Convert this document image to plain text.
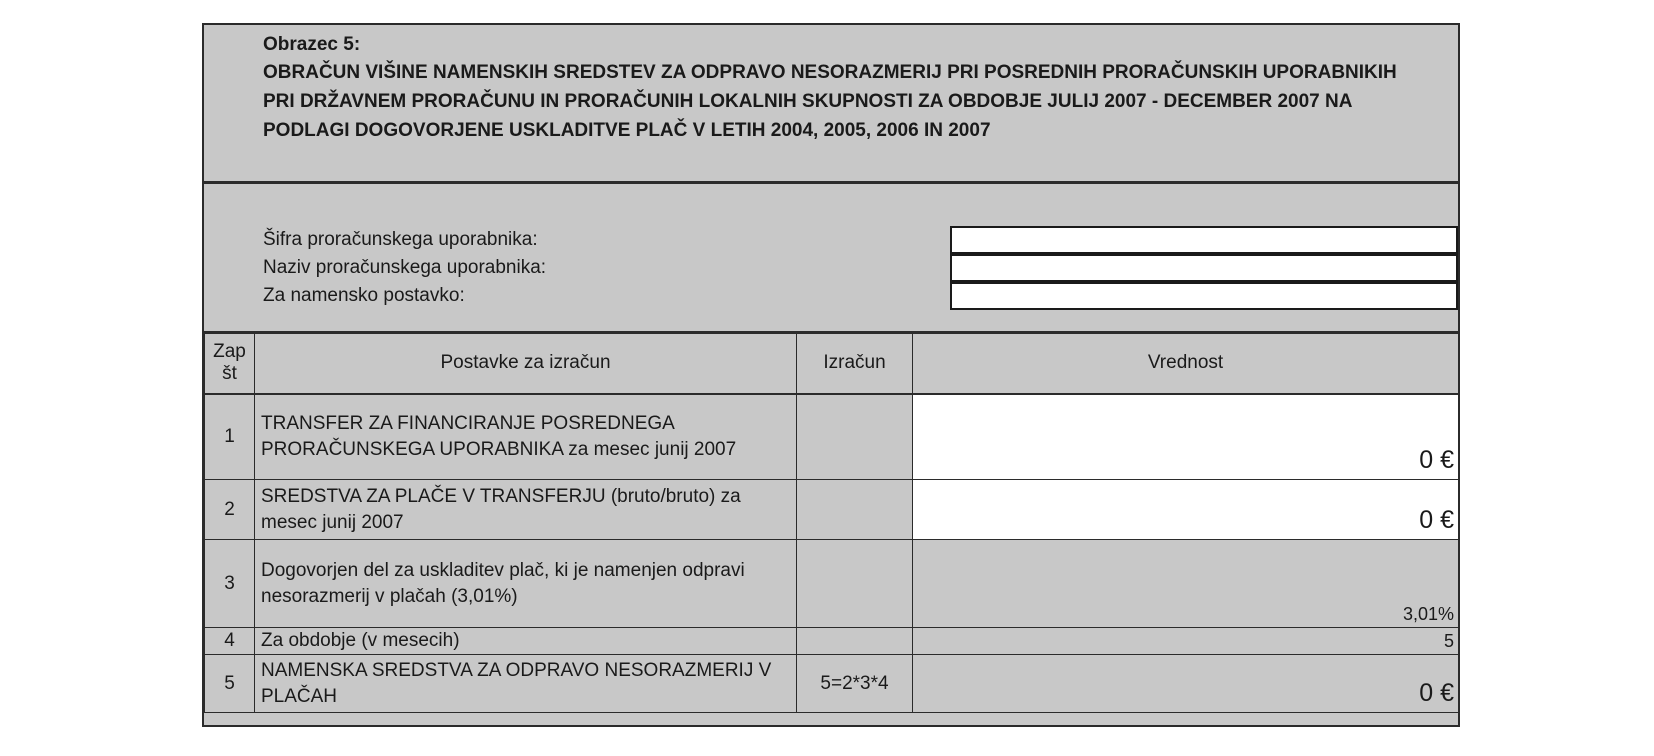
Obrazec 5:
OBRAČUN VIŠINE NAMENSKIH SREDSTEV ZA ODPRAVO NESORAZMERIJ PRI POSREDNIH PRORAČUNSKIH UPORABNIKIH PRI DRŽAVNEM PRORAČUNU IN PRORAČUNIH LOKALNIH SKUPNOSTI ZA OBDOBJE JULIJ 2007 - DECEMBER 2007 NA PODLAGI DOGOVORJENE USKLADITVE PLAČ V LETIH 2004, 2005, 2006 IN 2007
Šifra proračunskega uporabnika:
Naziv proračunskega uporabnika:
Za namensko postavko:
Zap št	Postavke za izračun	Izračun	Vrednost
1	TRANSFER ZA FINANCIRANJE POSREDNEGA PRORAČUNSKEGA UPORABNIKA za mesec junij 2007		0 €
2	SREDSTVA ZA PLAČE V TRANSFERJU (bruto/bruto) za mesec junij 2007		0 €
3	Dogovorjen del za uskladitev plač, ki je namenjen odpravi nesorazmerij v plačah (3,01%)		3,01%
4	Za obdobje (v mesecih)		5
5	NAMENSKA SREDSTVA ZA ODPRAVO NESORAZMERIJ V PLAČAH	5=2*3*4	0 €
